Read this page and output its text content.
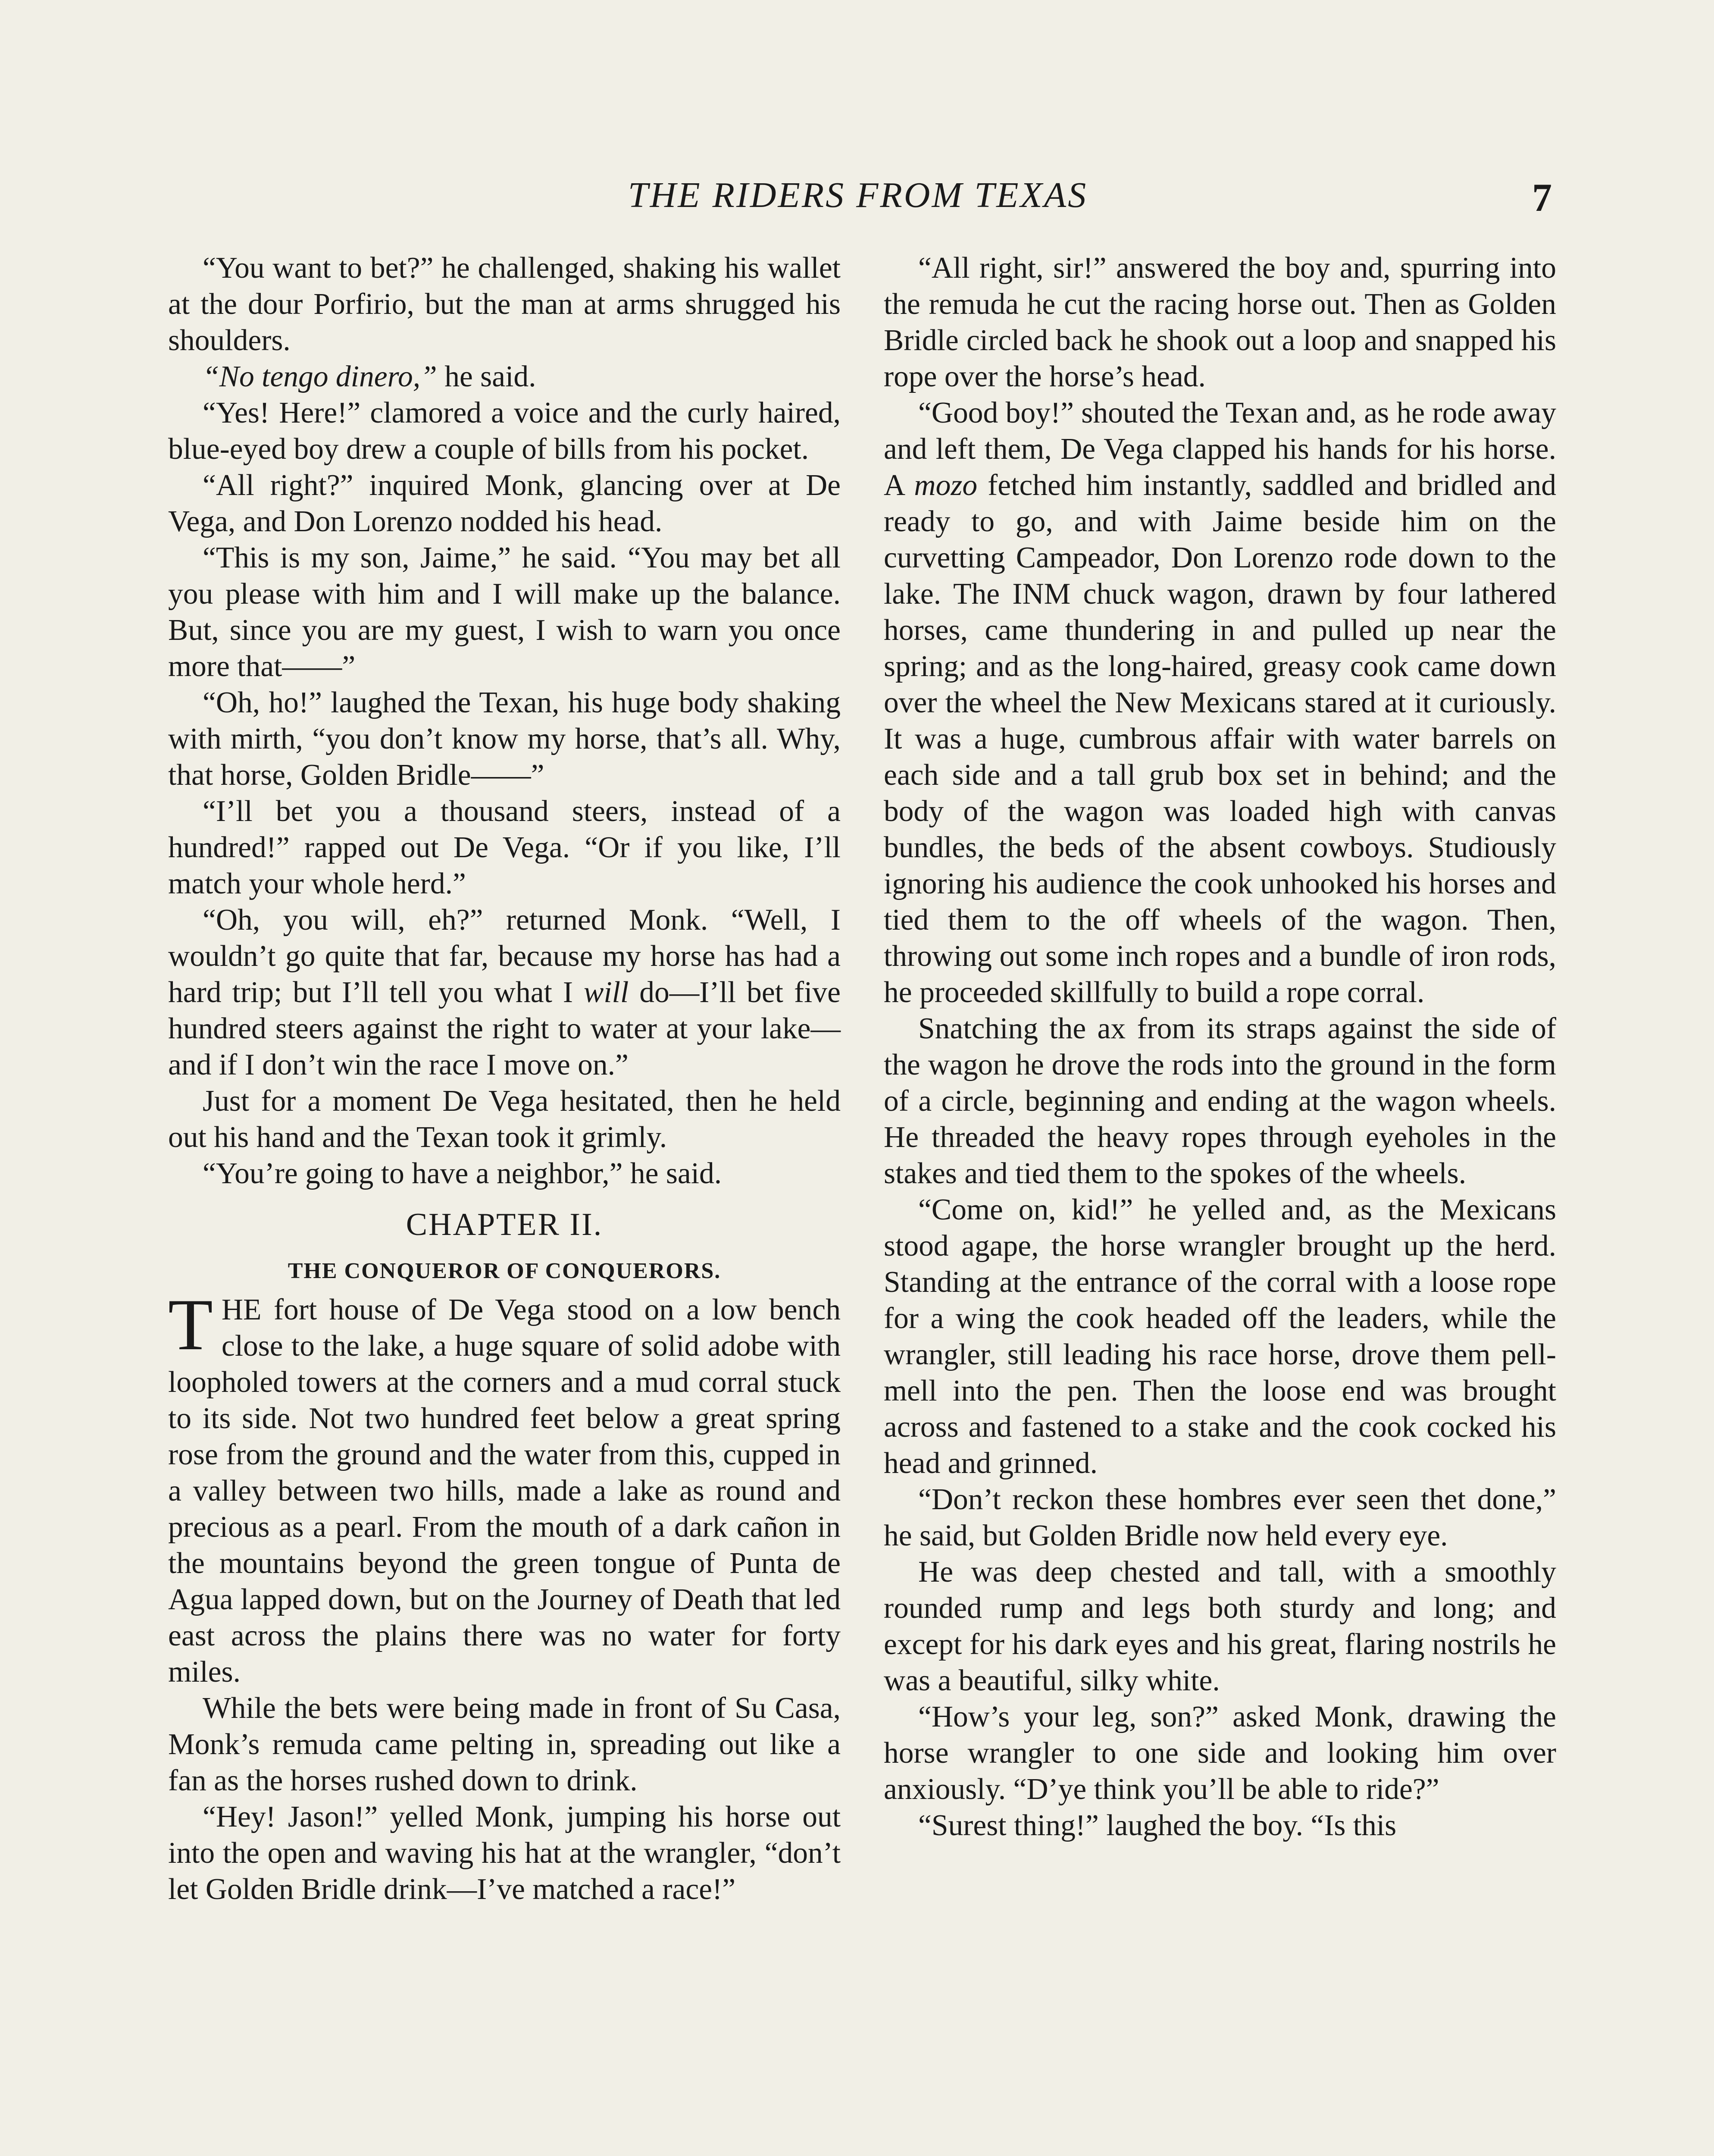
THE RIDERS FROM TEXAS	7

“You want to bet?” he challenged, shaking his wallet at the dour Porfirio, but the man at arms shrugged his shoulders.

“No tengo dinero,” he said.

“Yes! Here!” clamored a voice and the curly haired, blue-eyed boy drew a couple of bills from his pocket.

“All right?” inquired Monk, glancing over at De Vega, and Don Lorenzo nodded his head.

“This is my son, Jaime,” he said. “You may bet all you please with him and I will make up the balance. But, since you are my guest, I wish to warn you once more that——”

“Oh, ho!” laughed the Texan, his huge body shaking with mirth, “you don’t know my horse, that’s all. Why, that horse, Golden Bridle——”

“I’ll bet you a thousand steers, instead of a hundred!” rapped out De Vega. “Or if you like, I’ll match your whole herd.”

“Oh, you will, eh?” returned Monk. “Well, I wouldn’t go quite that far, because my horse has had a hard trip; but I’ll tell you what I will do—I’ll bet five hundred steers against the right to water at your lake—and if I don’t win the race I move on.”

Just for a moment De Vega hesitated, then he held out his hand and the Texan took it grimly.

“You’re going to have a neighbor,” he said.

CHAPTER II.
THE CONQUEROR OF CONQUERORS.

THE fort house of De Vega stood on a low bench close to the lake, a huge square of solid adobe with loopholed towers at the corners and a mud corral stuck to its side. Not two hundred feet below a great spring rose from the ground and the water from this, cupped in a valley between two hills, made a lake as round and precious as a pearl. From the mouth of a dark cañon in the mountains beyond the green tongue of Punta de Agua lapped down, but on the Journey of Death that led east across the plains there was no water for forty miles.

While the bets were being made in front of Su Casa, Monk’s remuda came pelting in, spreading out like a fan as the horses rushed down to drink.

“Hey! Jason!” yelled Monk, jumping his horse out into the open and waving his hat at the wrangler, “don’t let Golden Bridle drink—I’ve matched a race!”

“All right, sir!” answered the boy and, spurring into the remuda he cut the racing horse out. Then as Golden Bridle circled back he shook out a loop and snapped his rope over the horse’s head.

“Good boy!” shouted the Texan and, as he rode away and left them, De Vega clapped his hands for his horse. A mozo fetched him instantly, saddled and bridled and ready to go, and with Jaime beside him on the curvetting Campeador, Don Lorenzo rode down to the lake. The INM chuck wagon, drawn by four lathered horses, came thundering in and pulled up near the spring; and as the long-haired, greasy cook came down over the wheel the New Mexicans stared at it curiously. It was a huge, cumbrous affair with water barrels on each side and a tall grub box set in behind; and the body of the wagon was loaded high with canvas bundles, the beds of the absent cowboys. Studiously ignoring his audience the cook unhooked his horses and tied them to the off wheels of the wagon. Then, throwing out some inch ropes and a bundle of iron rods, he proceeded skillfully to build a rope corral.

Snatching the ax from its straps against the side of the wagon he drove the rods into the ground in the form of a circle, beginning and ending at the wagon wheels. He threaded the heavy ropes through eyeholes in the stakes and tied them to the spokes of the wheels.

“Come on, kid!” he yelled and, as the Mexicans stood agape, the horse wrangler brought up the herd. Standing at the entrance of the corral with a loose rope for a wing the cook headed off the leaders, while the wrangler, still leading his race horse, drove them pell-mell into the pen. Then the loose end was brought across and fastened to a stake and the cook cocked his head and grinned.

“Don’t reckon these hombres ever seen thet done,” he said, but Golden Bridle now held every eye.

He was deep chested and tall, with a smoothly rounded rump and legs both sturdy and long; and except for his dark eyes and his great, flaring nostrils he was a beautiful, silky white.

“How’s your leg, son?” asked Monk, drawing the horse wrangler to one side and looking him over anxiously. “D’ye think you’ll be able to ride?”

“Surest thing!” laughed the boy. “Is this
